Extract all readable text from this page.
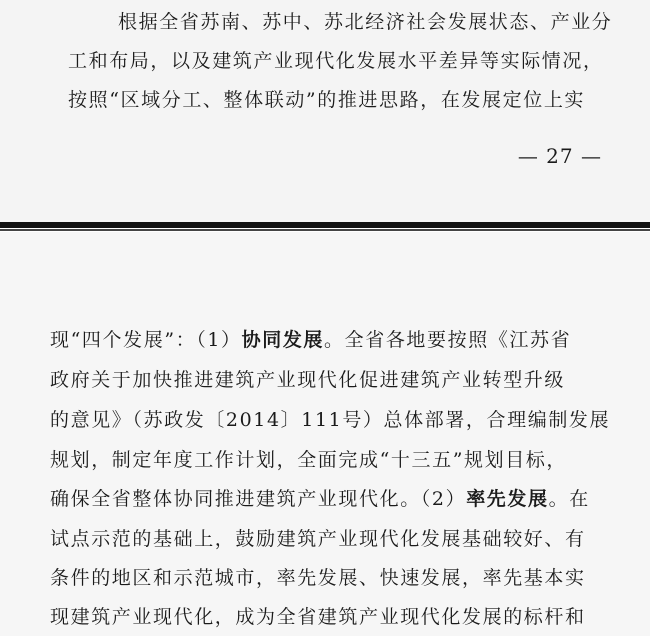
根据全省苏南、苏中、苏北经济社会发展状态、产业分
工和布局，以及建筑产业现代化发展水平差异等实际情况，
按照“区域分工、整体联动”的推进思路，在发展定位上实
— 27 —
现“四个发展”：（1）协同发展。全省各地要按照《江苏省
政府关于加快推进建筑产业现代化促进建筑产业转型升级
的意见》（苏政发〔2014〕111号）总体部署，合理编制发展
规划，制定年度工作计划，全面完成“十三五”规划目标，
确保全省整体协同推进建筑产业现代化。（2）率先发展。在
试点示范的基础上，鼓励建筑产业现代化发展基础较好、有
条件的地区和示范城市，率先发展、快速发展，率先基本实
现建筑产业现代化，成为全省建筑产业现代化发展的标杆和
